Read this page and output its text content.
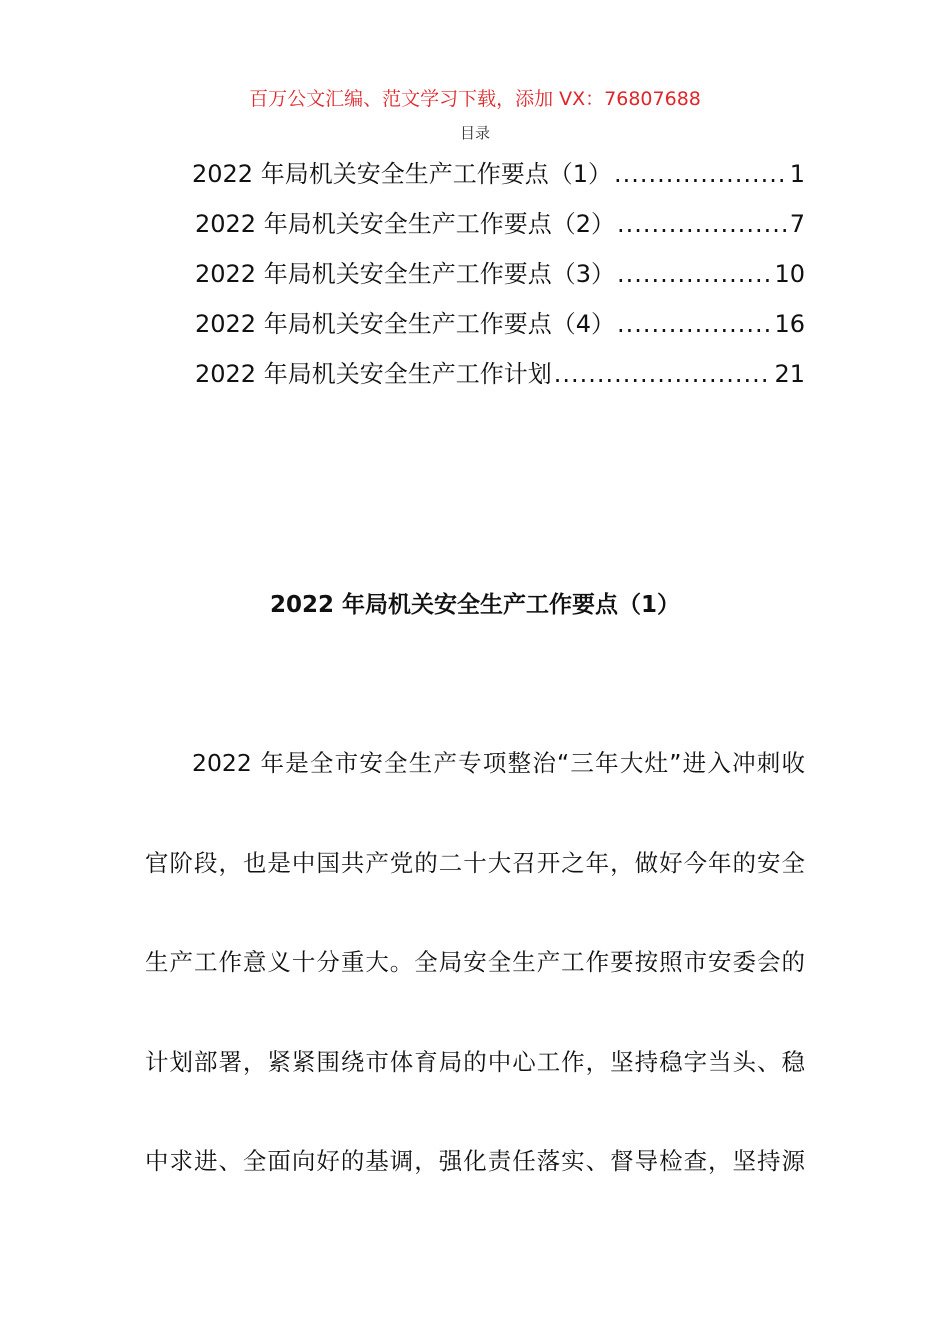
百万公文汇编、范文学习下载，添加 VX：76807688
目录
2022 年局机关安全生产工作要点（1） .....	1
2022 年局机关安全生产工作要点（2） .....	7
2022 年局机关安全生产工作要点（3） .....	10
2022 年局机关安全生产工作要点（4） .....	16
2022 年局机关安全生产工作计划 .....	21
2022 年局机关安全生产工作要点（1）
2022 年是全市安全生产专项整治“三年大灶”进入冲刺收
官阶段，也是中国共产党的二十大召开之年，做好今年的安全
生产工作意义十分重大。全局安全生产工作要按照市安委会的
计划部署，紧紧围绕市体育局的中心工作，坚持稳字当头、稳
中求进、全面向好的基调，强化责任落实、督导检查，坚持源
